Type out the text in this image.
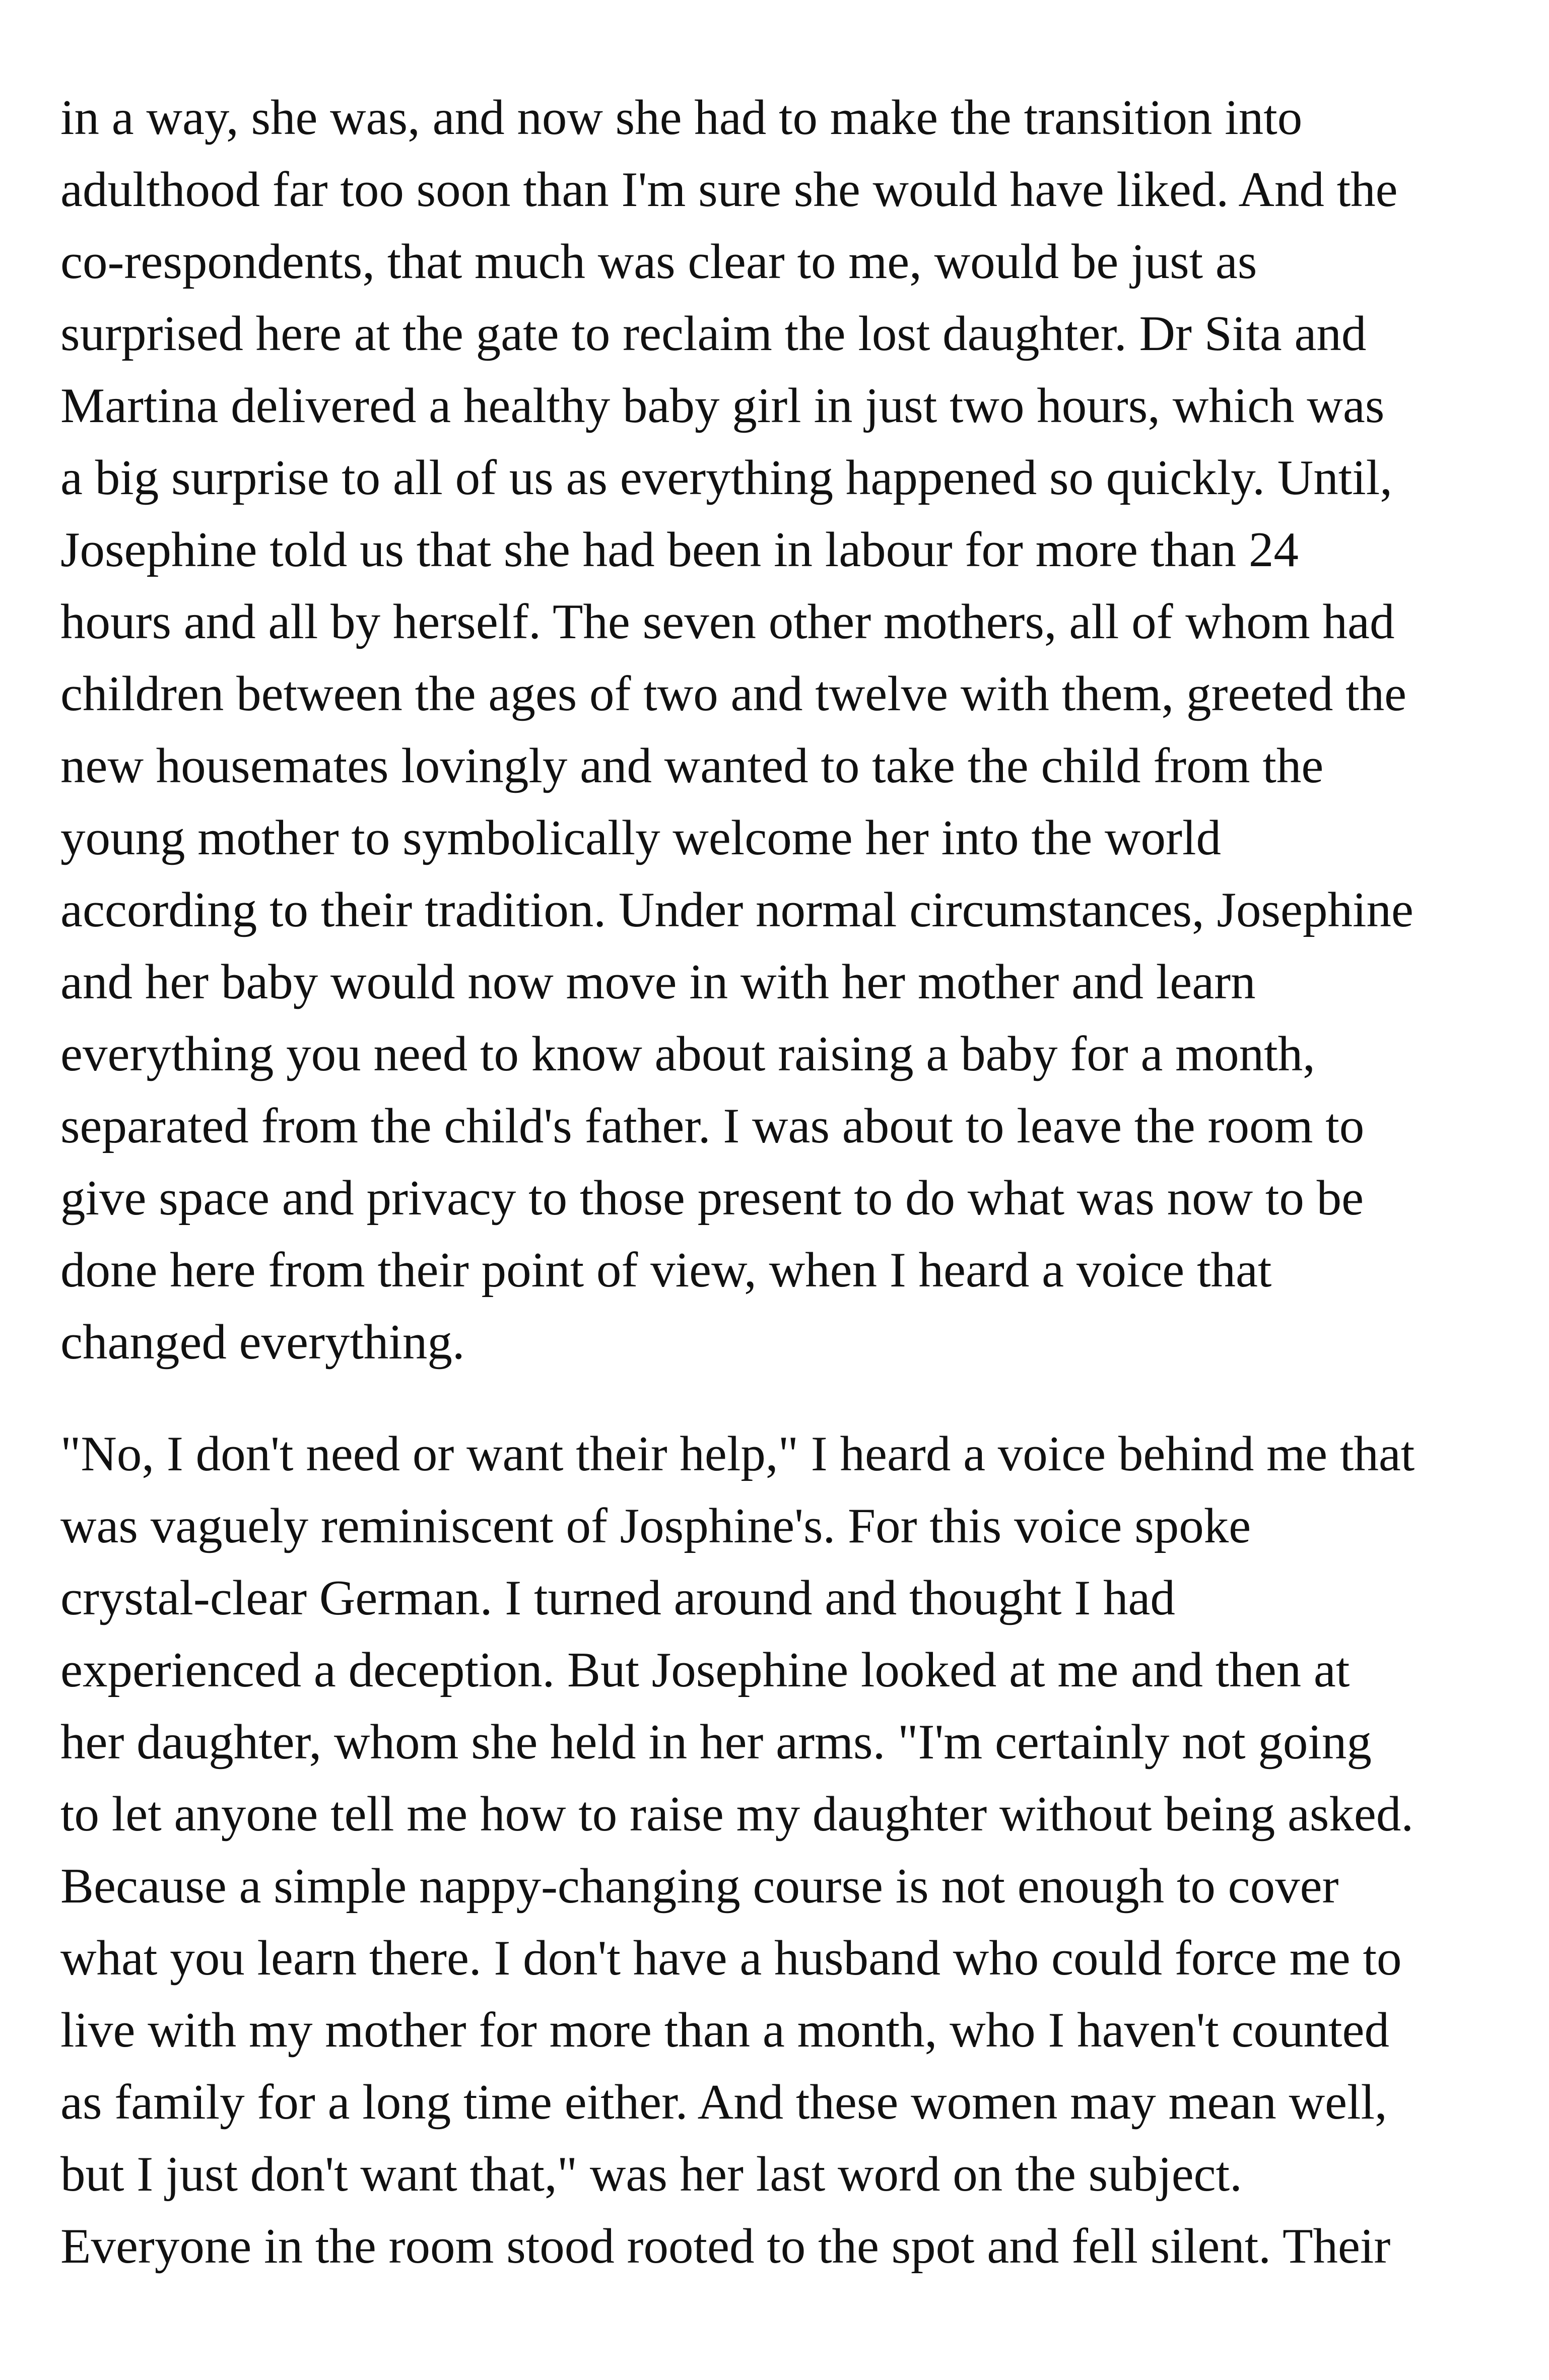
in a way, she was, and now she had to make the transition into
adulthood far too soon than I'm sure she would have liked. And the
co-respondents, that much was clear to me, would be just as
surprised here at the gate to reclaim the lost daughter. Dr Sita and
Martina delivered a healthy baby girl in just two hours, which was
a big surprise to all of us as everything happened so quickly. Until,
Josephine told us that she had been in labour for more than 24
hours and all by herself. The seven other mothers, all of whom had
children between the ages of two and twelve with them, greeted the
new housemates lovingly and wanted to take the child from the
young mother to symbolically welcome her into the world
according to their tradition. Under normal circumstances, Josephine
and her baby would now move in with her mother and learn
everything you need to know about raising a baby for a month,
separated from the child's father. I was about to leave the room to
give space and privacy to those present to do what was now to be
done here from their point of view, when I heard a voice that
changed everything.
"No, I don't need or want their help," I heard a voice behind me that
was vaguely reminiscent of Josphine's. For this voice spoke
crystal-clear German. I turned around and thought I had
experienced a deception. But Josephine looked at me and then at
her daughter, whom she held in her arms. "I'm certainly not going
to let anyone tell me how to raise my daughter without being asked.
Because a simple nappy-changing course is not enough to cover
what you learn there. I don't have a husband who could force me to
live with my mother for more than a month, who I haven't counted
as family for a long time either. And these women may mean well,
but I just don't want that," was her last word on the subject.
Everyone in the room stood rooted to the spot and fell silent. Their
